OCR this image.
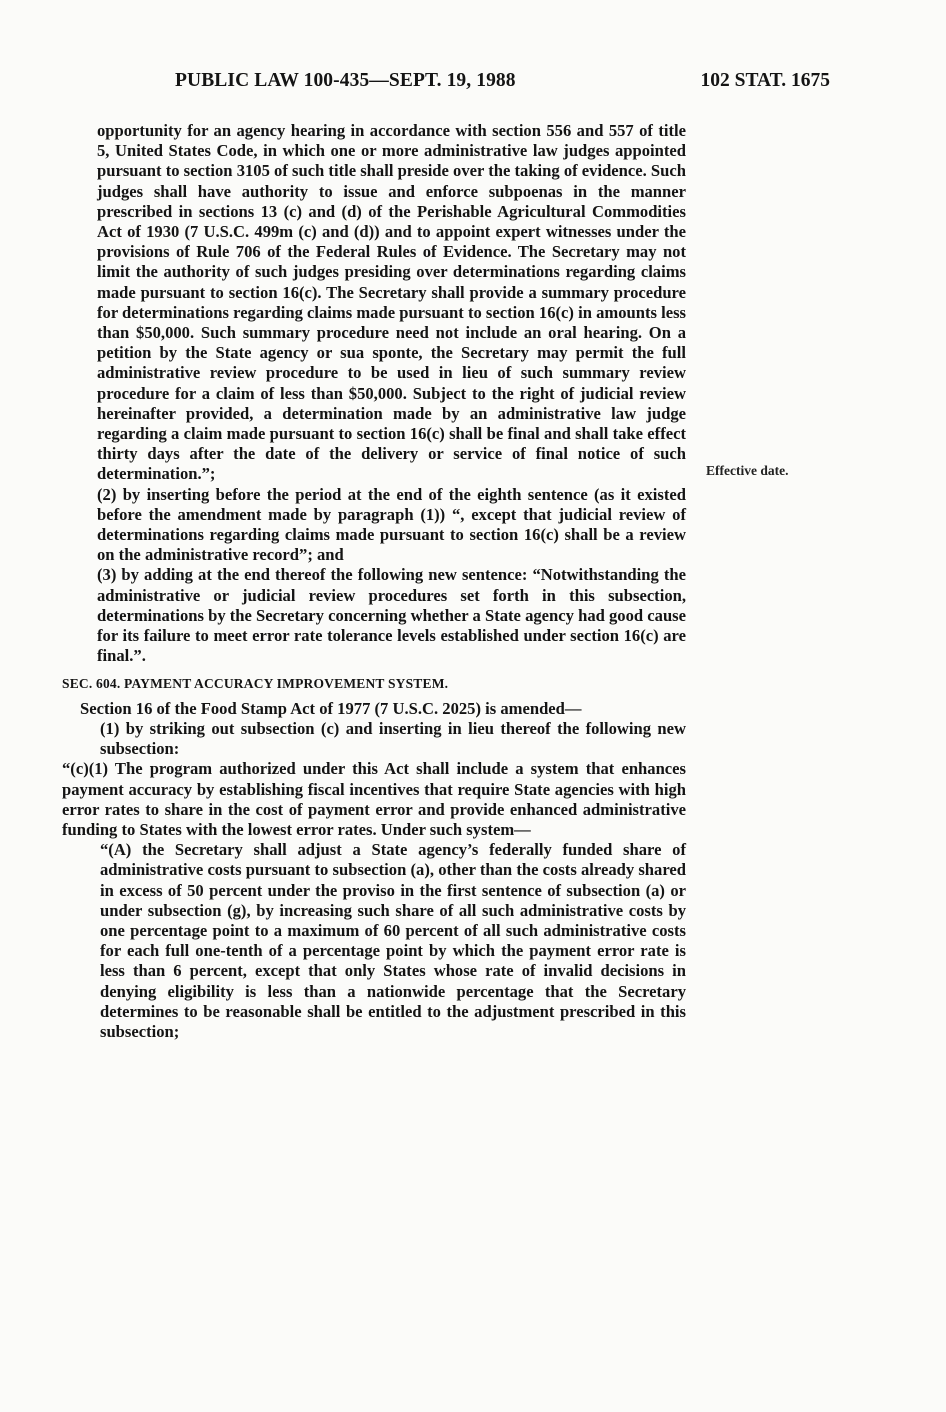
PUBLIC LAW 100-435—SEPT. 19, 1988	102 STAT. 1675
Effective date.

opportunity for an agency hearing in accordance with section 556 and 557 of title 5, United States Code, in which one or more administrative law judges appointed pursuant to section 3105 of such title shall preside over the taking of evidence. Such judges shall have authority to issue and enforce subpoenas in the manner prescribed in sections 13 (c) and (d) of the Perishable Agricultural Commodities Act of 1930 (7 U.S.C. 499m (c) and (d)) and to appoint expert witnesses under the provisions of Rule 706 of the Federal Rules of Evidence. The Secretary may not limit the authority of such judges presiding over determinations regarding claims made pursuant to section 16(c). The Secretary shall provide a summary procedure for determinations regarding claims made pursuant to section 16(c) in amounts less than $50,000. Such summary procedure need not include an oral hearing. On a petition by the State agency or sua sponte, the Secretary may permit the full administrative review procedure to be used in lieu of such summary review procedure for a claim of less than $50,000. Subject to the right of judicial review hereinafter provided, a determination made by an administrative law judge regarding a claim made pursuant to section 16(c) shall be final and shall take effect thirty days after the date of the delivery or service of final notice of such determination.”;

(2) by inserting before the period at the end of the eighth sentence (as it existed before the amendment made by paragraph (1)) “, except that judicial review of determinations regarding claims made pursuant to section 16(c) shall be a review on the administrative record”; and

(3) by adding at the end thereof the following new sentence: “Notwithstanding the administrative or judicial review procedures set forth in this subsection, determinations by the Secretary concerning whether a State agency had good cause for its failure to meet error rate tolerance levels established under section 16(c) are final.”.

SEC. 604. PAYMENT ACCURACY IMPROVEMENT SYSTEM.

Section 16 of the Food Stamp Act of 1977 (7 U.S.C. 2025) is amended—

(1) by striking out subsection (c) and inserting in lieu thereof the following new subsection:

“(c)(1) The program authorized under this Act shall include a system that enhances payment accuracy by establishing fiscal incentives that require State agencies with high error rates to share in the cost of payment error and provide enhanced administrative funding to States with the lowest error rates. Under such system—

“(A) the Secretary shall adjust a State agency’s federally funded share of administrative costs pursuant to subsection (a), other than the costs already shared in excess of 50 percent under the proviso in the first sentence of subsection (a) or under subsection (g), by increasing such share of all such administrative costs by one percentage point to a maximum of 60 percent of all such administrative costs for each full one-tenth of a percentage point by which the payment error rate is less than 6 percent, except that only States whose rate of invalid decisions in denying eligibility is less than a nationwide percentage that the Secretary determines to be reasonable shall be entitled to the adjustment prescribed in this subsection;
